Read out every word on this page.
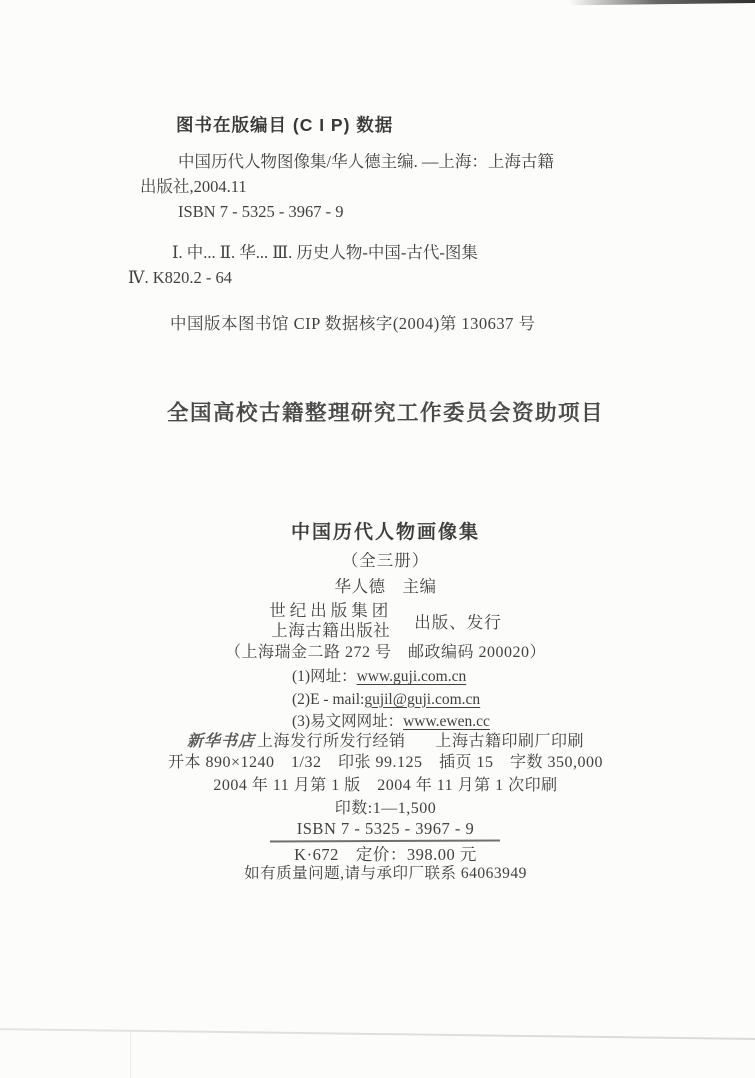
图书在版编目 (C I P) 数据
中国历代人物图像集/华人德主编. —上海：上海古籍
出版社,2004.11
ISBN 7 - 5325 - 3967 - 9
Ⅰ. 中... Ⅱ. 华... Ⅲ. 历史人物-中国-古代-图集
Ⅳ. K820.2 - 64
中国版本图书馆 CIP 数据核字(2004)第 130637 号
全国高校古籍整理研究工作委员会资助项目
中国历代人物画像集
（全三册）
华人德　主编
世纪出版集团
上海古籍出版社 出版、发行
（上海瑞金二路 272 号　邮政编码 200020）
(1)网址：www.guji.com.cn
(2)E - mail:gujil@guji.com.cn
(3)易文网网址：www.ewen.cc
新华书店 上海发行所发行经销 上海古籍印刷厂印刷
开本 890×1240　1/32　印张 99.125　插页 15　字数 350,000
2004 年 11 月第 1 版　2004 年 11 月第 1 次印刷
印数:1—1,500
ISBN 7 - 5325 - 3967 - 9
K·672　定价：398.00 元
如有质量问题,请与承印厂联系 64063949
